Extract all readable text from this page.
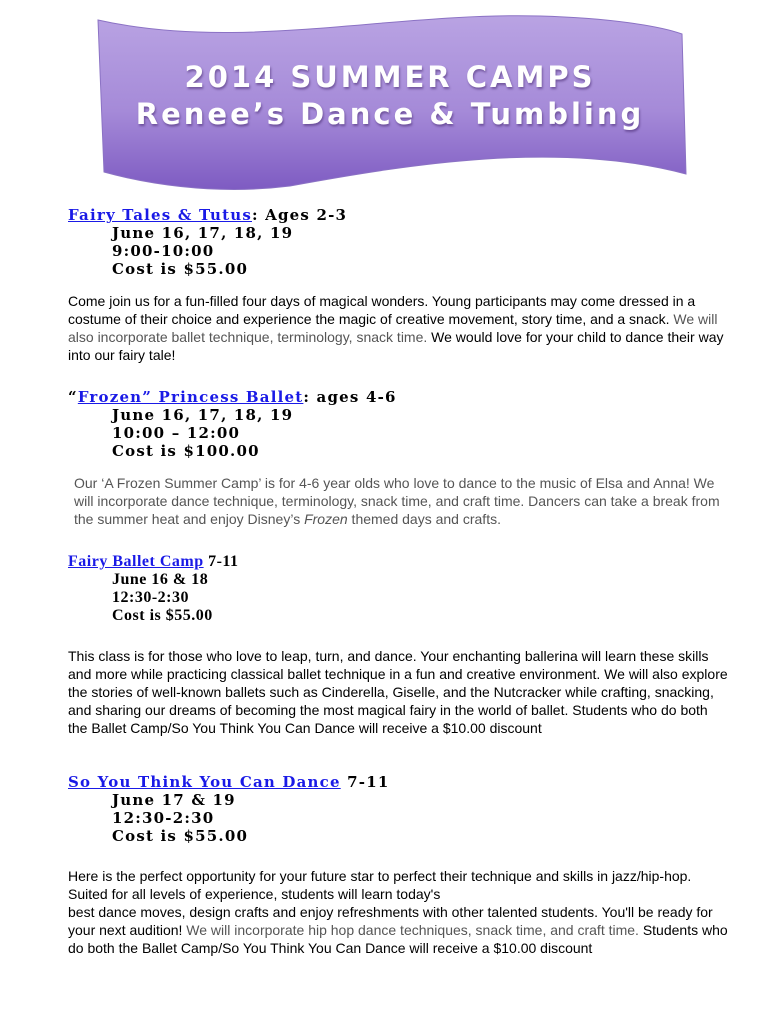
2014 SUMMER CAMPS
Renee’s Dance & Tumbling
Fairy Tales & Tutus: Ages 2-3
June 16, 17, 18, 19
9:00-10:00
Cost is $55.00
Come join us for a fun-filled four days of magical wonders. Young participants may come dressed in a costume of their choice and experience the magic of creative movement, story time, and a snack. We will also incorporate ballet technique, terminology, snack time. We would love for your child to dance their way into our fairy tale!
“Frozen” Princess Ballet: ages 4-6
June 16, 17, 18, 19
10:00 – 12:00
Cost is $100.00
Our ‘A Frozen Summer Camp’ is for 4-6 year olds who love to dance to the music of Elsa and Anna! We will incorporate dance technique, terminology, snack time, and craft time. Dancers can take a break from the summer heat and enjoy Disney’s Frozen themed days and crafts.
Fairy Ballet Camp 7-11
June 16 & 18
12:30-2:30
Cost is $55.00
This class is for those who love to leap, turn, and dance. Your enchanting ballerina will learn these skills and more while practicing classical ballet technique in a fun and creative environment. We will also explore the stories of well-known ballets such as Cinderella, Giselle, and the Nutcracker while crafting, snacking, and sharing our dreams of becoming the most magical fairy in the world of ballet. Students who do both the Ballet Camp/So You Think You Can Dance will receive a $10.00 discount
So You Think You Can Dance 7-11
June 17 & 19
12:30-2:30
Cost is $55.00
Here is the perfect opportunity for your future star to perfect their technique and skills in jazz/hip-hop. Suited for all levels of experience, students will learn today's
best dance moves, design crafts and enjoy refreshments with other talented students. You'll be ready for your next audition! We will incorporate hip hop dance techniques, snack time, and craft time. Students who do both the Ballet Camp/So You Think You Can Dance will receive a $10.00 discount
